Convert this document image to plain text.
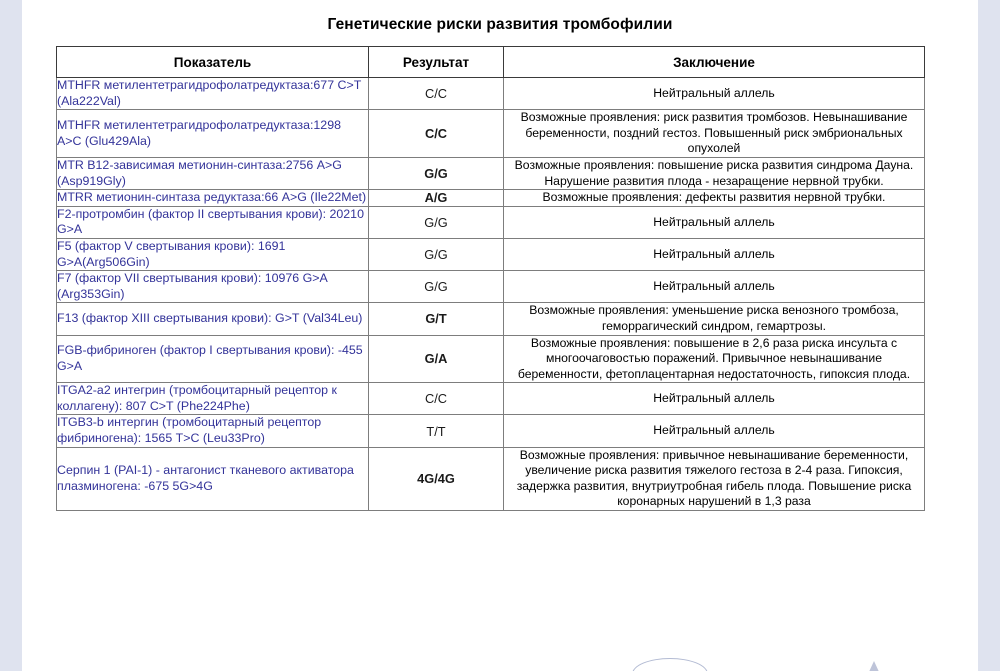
Генетические риски развития тромбофилии
Показатель	Результат	Заключение
MTHFR метилентетрагидрофолатредуктаза:677 C>T (Ala222Val)	C/C	Нейтральный аллель
MTHFR метилентетрагидрофолатредуктаза:1298 A>C (Glu429Ala)	C/C	Возможные проявления: риск развития тромбозов. Невынашивание беременности, поздний гестоз. Повышенный риск эмбриональных опухолей
MTR B12-зависимая метионин-синтаза:2756 A>G (Asp919Gly)	G/G	Возможные проявления: повышение риска развития синдрома Дауна. Нарушение развития плода - незаращение нервной трубки.
MTRR метионин-синтаза редуктаза:66 A>G (Ile22Met)	A/G	Возможные проявления: дефекты развития нервной трубки.
F2-протромбин (фактор II свертывания крови): 20210 G>A	G/G	Нейтральный аллель
F5 (фактор V свертывания крови): 1691 G>A(Arg506Gin)	G/G	Нейтральный аллель
F7 (фактор VII свертывания крови): 10976 G>A (Arg353Gin)	G/G	Нейтральный аллель
F13 (фактор XIII свертывания крови): G>T (Val34Leu)	G/T	Возможные проявления: уменьшение риска венозного тромбоза, геморрагический синдром, гемартрозы.
FGB-фибриноген (фактор I свертывания крови): -455 G>A	G/A	Возможные проявления: повышение в 2,6 раза риска инсульта с многоочаговостью поражений. Привычное невынашивание беременности, фетоплацентарная недостаточность, гипоксия плода.
ITGA2-a2 интегрин (тромбоцитарный рецептор к коллагену): 807 C>T (Phe224Phe)	C/C	Нейтральный аллель
ITGB3-b интергин (тромбоцитарный рецептор фибриногена): 1565 T>C (Leu33Pro)	T/T	Нейтральный аллель
Серпин 1 (PAI-1) - антагонист тканевого активатора плазминогена: -675 5G>4G	4G/4G	Возможные проявления: привычное невынашивание беременности, увеличение риска развития тяжелого гестоза в 2-4 раза. Гипоксия, задержка развития, внутриутробная гибель плода. Повышение риска коронарных нарушений в 1,3 раза
